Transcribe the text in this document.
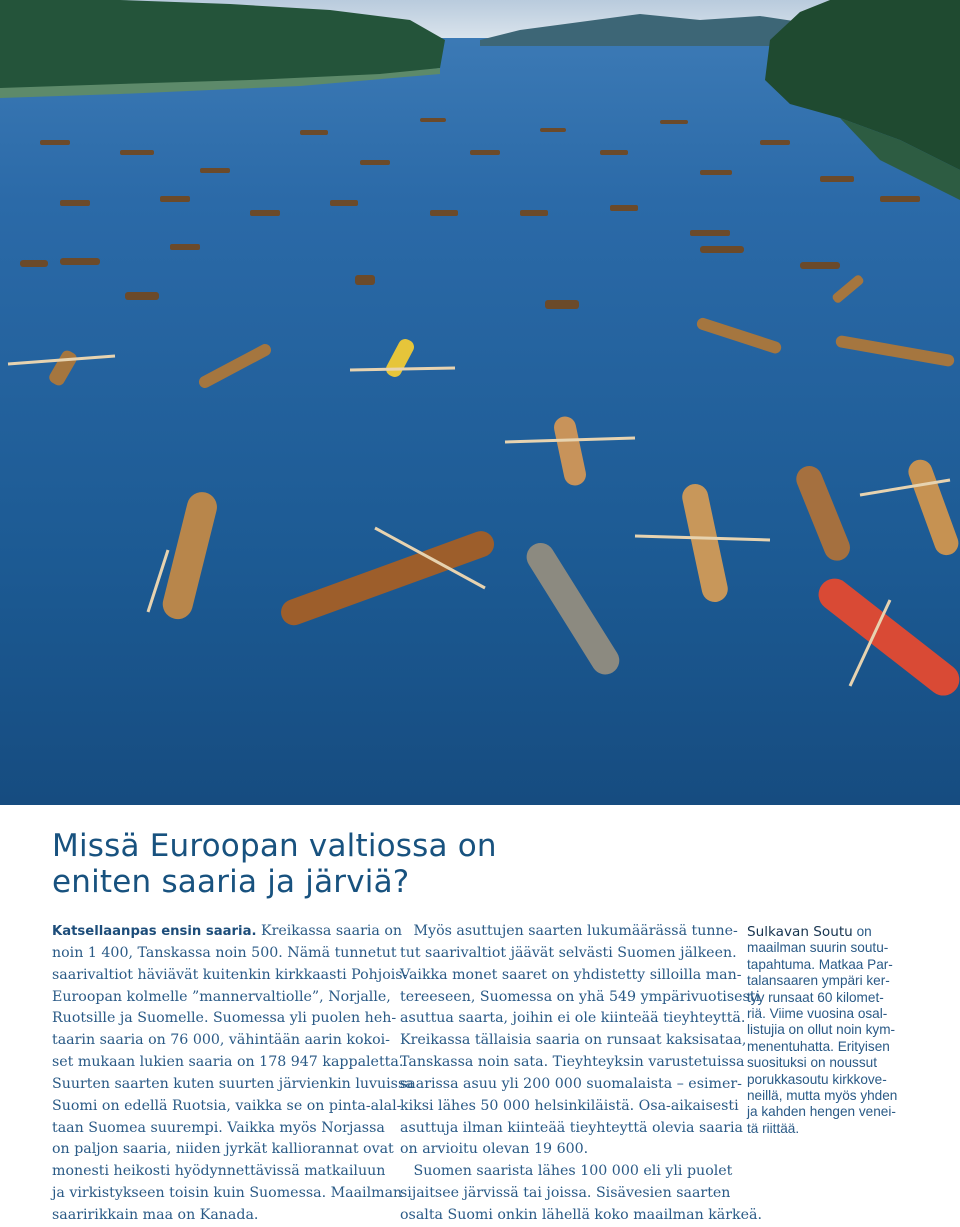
Missä Euroopan valtiossa on
eniten saaria ja järviä?

Katsellaanpas ensin saaria. Kreikassa saaria on
noin 1 400, Tanskassa noin 500. Nämä tunnetut
saarivaltiot häviävät kuitenkin kirkkaasti Pohjois-
Euroopan kolmelle ”mannervaltiolle”, Norjalle,
Ruotsille ja Suomelle. Suomessa yli puolen heh-
taarin saaria on 76 000, vähintään aarin kokoi-
set mukaan lukien saaria on 178 947 kappaletta.
Suurten saarten kuten suurten järvienkin luvuissa
Suomi on edellä Ruotsia, vaikka se on pinta-alal-
taan Suomea suurempi. Vaikka myös Norjassa
on paljon saaria, niiden jyrkät kalliorannat ovat
monesti heikosti hyödynnettävissä matkailuun
ja virkistykseen toisin kuin Suomessa. Maailman
saaririkkain maa on Kanada.

Myös asuttujen saarten lukumäärässä tunne-
tut saarivaltiot jäävät selvästi Suomen jälkeen.
Vaikka monet saaret on yhdistetty silloilla man-
tereeseen, Suomessa on yhä 549 ympärivuotisesti
asuttua saarta, joihin ei ole kiinteää tieyhteyttä.
Kreikassa tällaisia saaria on runsaat kaksisataa,
Tanskassa noin sata. Tieyhteyksin varustetuissa
saarissa asuu yli 200 000 suomalaista – esimer-
kiksi lähes 50 000 helsinkiläistä. Osa-aikaisesti
asuttuja ilman kiinteää tieyhteyttä olevia saaria
on arvioitu olevan 19 600.
Suomen saarista lähes 100 000 eli yli puolet
sijaitsee järvissä tai joissa. Sisävesien saarten
osalta Suomi onkin lähellä koko maailman kärkeä.

Sulkavan Soutu on
maailman suurin soutu-
tapahtuma. Matkaa Par-
talansaaren ympäri ker-
tyy runsaat 60 kilomet-
riä. Viime vuosina osal-
listujia on ollut noin kym-
menentuhatta. Erityisen
suosituksi on noussut
porukkasoutu kirkkove-
neillä, mutta myös yhden
ja kahden hengen venei-
tä riittää.
